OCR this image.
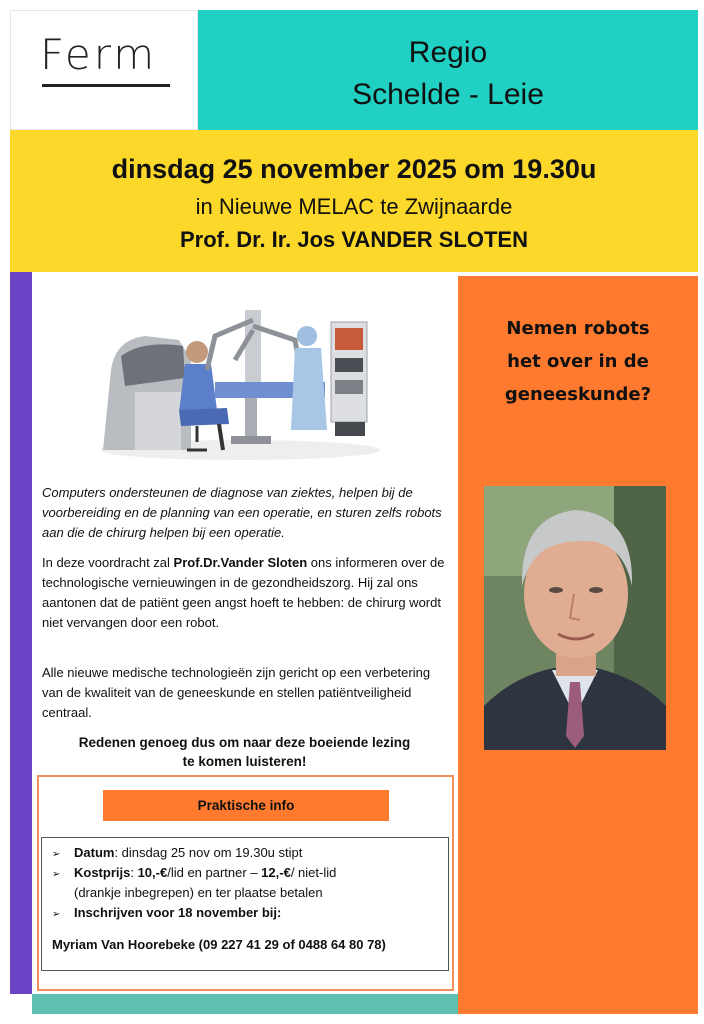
Ferm	Regio
Schelde - Leie
dinsdag 25 november 2025 om 19.30u
in Nieuwe MELAC te Zwijnaarde
Prof. Dr. Ir. Jos VANDER SLOTEN
Nemen robots
het over in de
geneeskunde?
Computers ondersteunen de diagnose van ziektes, helpen bij de voorbereiding en de planning van een operatie, en sturen zelfs robots aan die de chirurg helpen bij een operatie.
In deze voordracht zal Prof.Dr.Vander Sloten ons informeren over de technologische vernieuwingen in de gezondheidszorg. Hij zal ons aantonen dat de patiënt geen angst hoeft te hebben: de chirurg wordt niet vervangen door een robot.
Alle nieuwe medische technologieën zijn gericht op een verbetering van de kwaliteit van de geneeskunde en stellen patiëntveiligheid centraal.
Redenen genoeg dus om naar deze boeiende lezing
te komen luisteren!
Praktische info
➢ Datum: dinsdag 25 nov om 19.30u stipt
➢ Kostprijs: 10,-€/lid en partner – 12,-€/ niet-lid
(drankje inbegrepen) en ter plaatse betalen
➢ Inschrijven voor 18 november bij:
Myriam Van Hoorebeke (09 227 41 29 of 0488 64 80 78)
